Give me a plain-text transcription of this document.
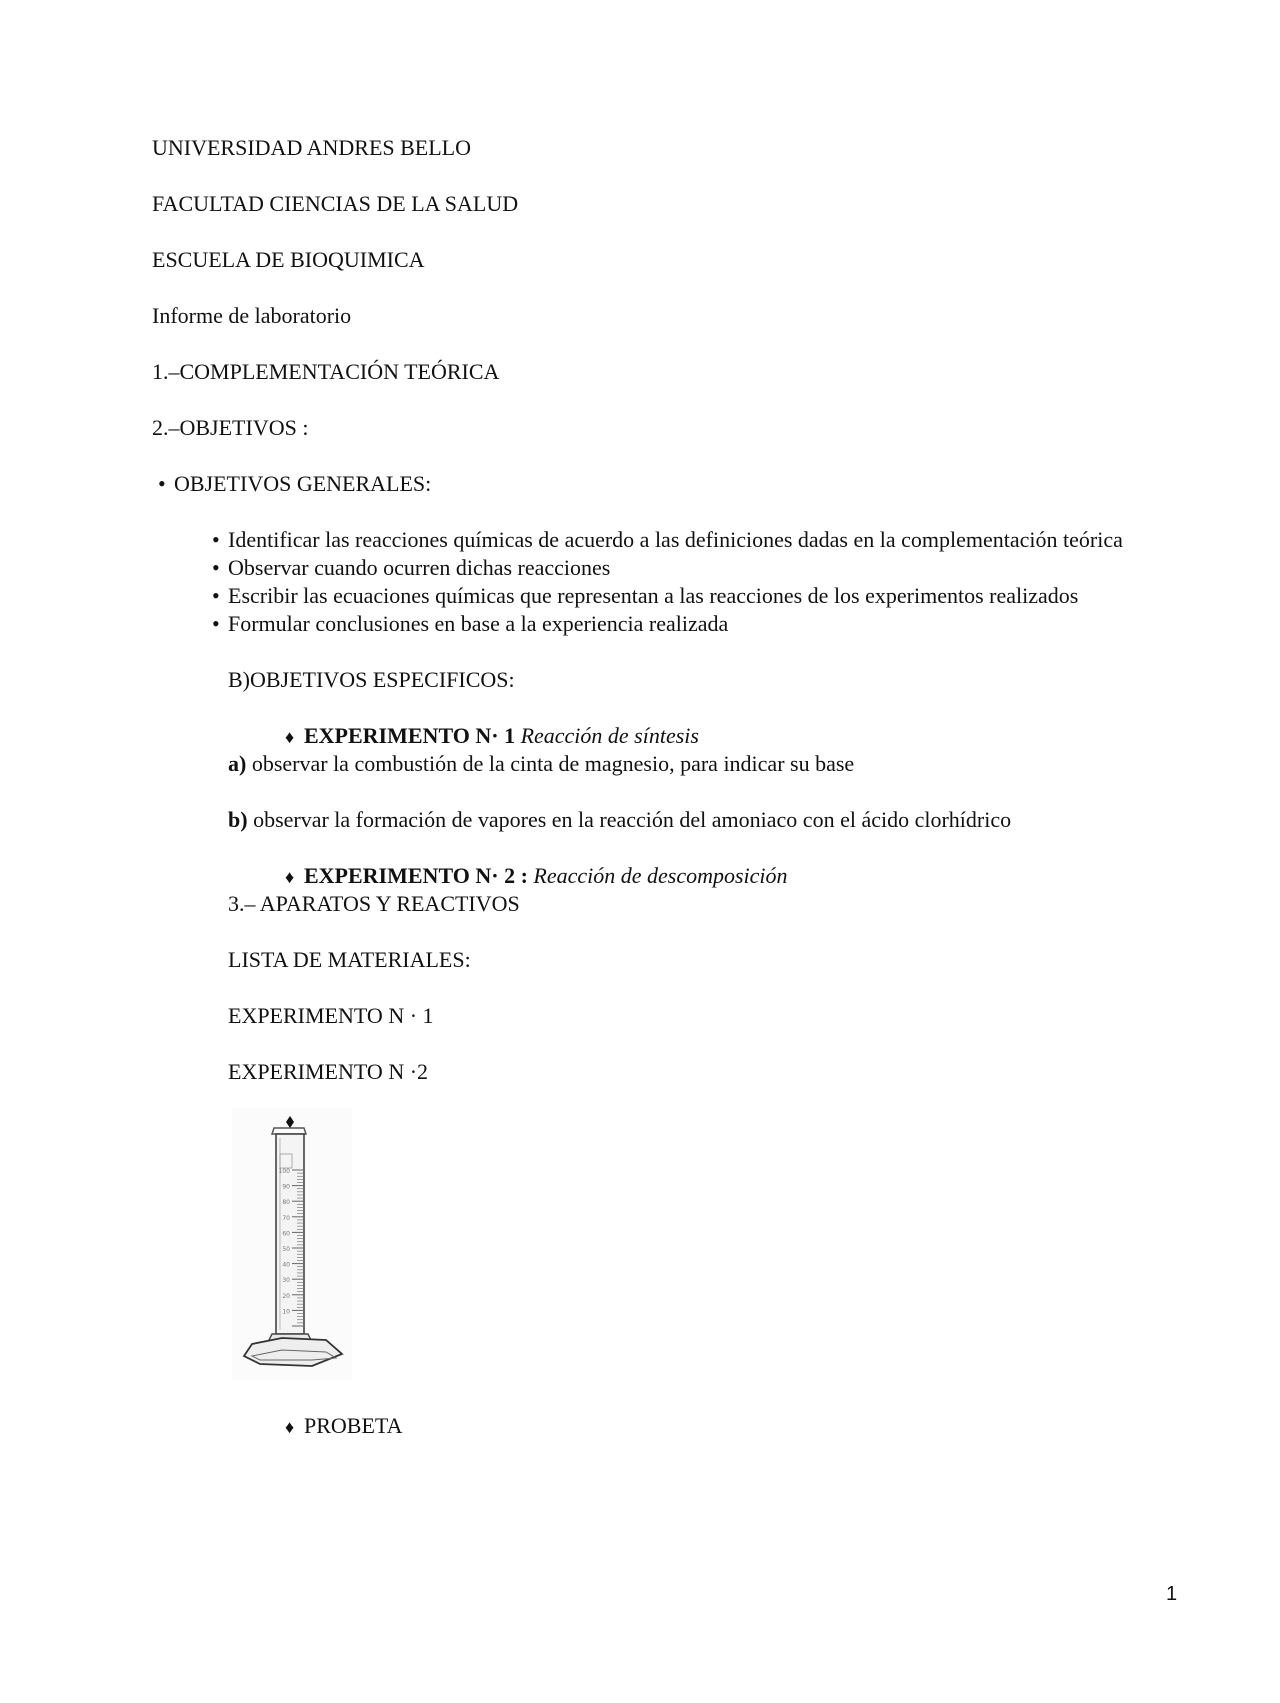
UNIVERSIDAD ANDRES BELLO
FACULTAD CIENCIAS DE LA SALUD
ESCUELA DE BIOQUIMICA
Informe de laboratorio
1.–COMPLEMENTACIÓN TEÓRICA
2.–OBJETIVOS :
• OBJETIVOS GENERALES:
• Identificar las reacciones químicas de acuerdo a las definiciones dadas en la complementación teórica
• Observar cuando ocurren dichas reacciones
• Escribir las ecuaciones químicas que representan a las reacciones de los experimentos realizados
• Formular conclusiones en base a la experiencia realizada
B)OBJETIVOS ESPECIFICOS:
♦ EXPERIMENTO N· 1 Reacción de síntesis
a) observar la combustión de la cinta de magnesio, para indicar su base
b) observar la formación de vapores en la reacción del amoniaco con el ácido clorhídrico
♦ EXPERIMENTO N· 2 : Reacción de descomposición
3.– APARATOS Y REACTIVOS
LISTA DE MATERIALES:
EXPERIMENTO N · 1
EXPERIMENTO N ·2
100
90
80
70
60
50
40
30
20
10
♦ PROBETA
1
